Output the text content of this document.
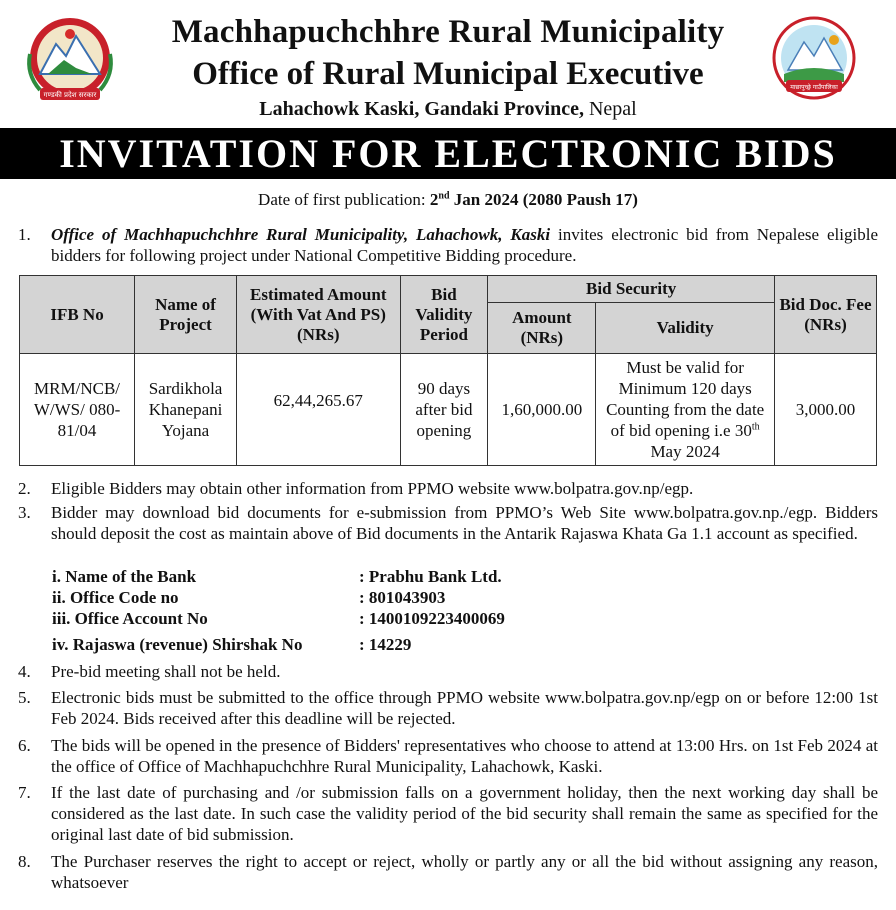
गण्डकी प्रदेश सरकार
Machhapuchchhre Rural Municipality
Office of Rural Municipal Executive
Lahachowk Kaski, Gandaki Province, Nepal
माछापुच्छ्रे गाउँपालिका
INVITATION FOR ELECTRONIC BIDS
Date of first publication: 2nd Jan 2024 (2080 Paush 17)
1. Office of Machhapuchchhre Rural Municipality, Lahachowk, Kaski invites electronic bid from Nepalese eligible bidders for following project under National Competitive Bidding procedure.
IFB No	Name of Project	Estimated Amount (With Vat And PS) (NRs)	Bid Validity Period	Bid Security		Bid Doc. Fee (NRs)
				Amount (NRs)	Validity	
MRM/NCB/ W/WS/ 080-81/04	Sardikhola Khanepani Yojana	62,44,265.67	90 days after bid opening	1,60,000.00	Must be valid for Minimum 120 days Counting from the date of bid opening i.e 30th May 2024	3,000.00
2. Eligible Bidders may obtain other information from PPMO website www.bolpatra.gov.np/egp.
3. Bidder may download bid documents for e-submission from PPMO’s Web Site www.bolpatra.gov.np./egp. Bidders should deposit the cost as maintain above of Bid documents in the Antarik Rajaswa Khata Ga 1.1 account as specified.
i. Name of the Bank	: Prabhu Bank Ltd.
ii. Office Code no	: 801043903
iii. Office Account No	: 1400109223400069
iv. Rajaswa (revenue) Shirshak No	: 14229
4. Pre-bid meeting shall not be held.
5. Electronic bids must be submitted to the office through PPMO website www.bolpatra.gov.np/egp on or before 12:00 1st Feb 2024. Bids received after this deadline will be rejected.
6. The bids will be opened in the presence of Bidders' representatives who choose to attend at 13:00 Hrs. on 1st Feb 2024 at the office of Office of Machhapuchchhre Rural Municipality, Lahachowk, Kaski.
7. If the last date of purchasing and /or submission falls on a government holiday, then the next working day shall be considered as the last date. In such case the validity period of the bid security shall remain the same as specified for the original last date of bid submission.
8. The Purchaser reserves the right to accept or reject, wholly or partly any or all the bid without assigning any reason, whatsoever
